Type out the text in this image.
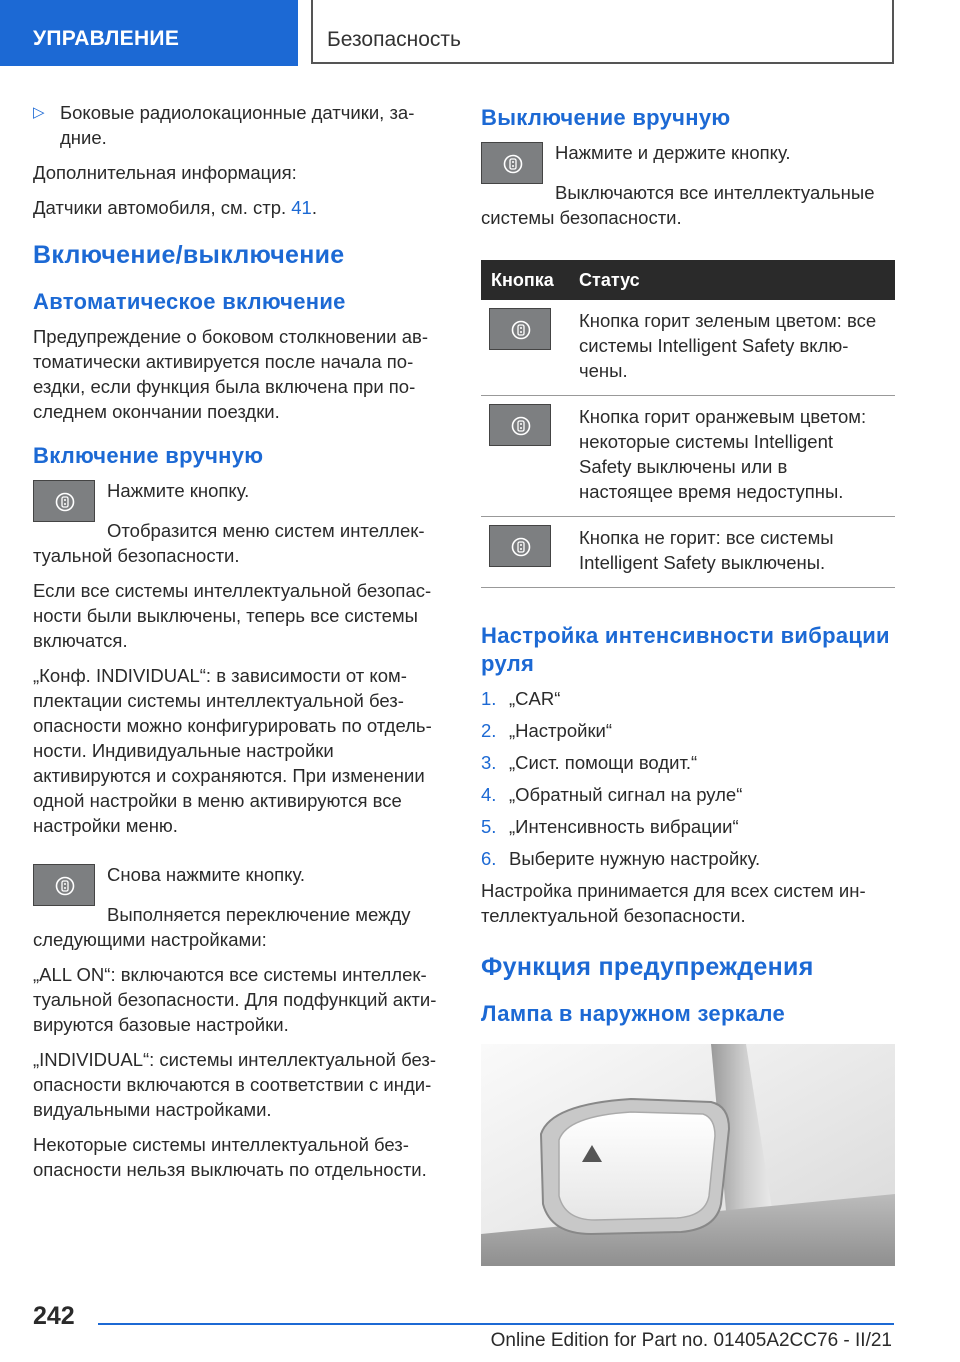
УПРАВЛЕНИЕ	Безопасность

▷ Боковые радиолокационные датчики, за- дние.

Дополнительная информация:

Датчики автомобиля, см. стр. 41.

Включение/выключение
Автоматическое включение

Предупреждение о боковом столкновении ав- томатически активируется после начала по- ездки, если функция была включена при по- следнем окончании поездки.

Включение вручную

Нажмите кнопку.

Отобразится меню систем интеллек- туальной безопасности.

Если все системы интеллектуальной безопас- ности были выключены, теперь все системы включатся.

„Конф. INDIVIDUAL“: в зависимости от ком- плектации системы интеллектуальной без- опасности можно конфигурировать по отдель- ности. Индивидуальные настройки активируются и сохраняются. При изменении одной настройки в меню активируются все настройки меню.

Снова нажмите кнопку.

Выполняется переключение между следующими настройками:

„ALL ON“: включаются все системы интеллек- туальной безопасности. Для подфункций акти- вируются базовые настройки.

„INDIVIDUAL“: системы интеллектуальной без- опасности включаются в соответствии с инди- видуальными настройками.

Некоторые системы интеллектуальной без- опасности нельзя выключать по отдельности.

Выключение вручную

Нажмите и держите кнопку.

Выключаются все интеллектуальные системы безопасности.

Кнопка	Статус

	Кнопка горит зеленым цветом: все системы Intelligent Safety вклю- чены.

	Кнопка горит оранжевым цветом: некоторые системы Intelligent Safety выключены или в настоящее время недоступны.

	Кнопка не горит: все системы Intelligent Safety выключены.
Настройка интенсивности вибрации руля
1. „CAR“
2. „Настройки“
3. „Сист. помощи водит.“
4. „Обратный сигнал на руле“
5. „Интенсивность вибрации“
6. Выберите нужную настройку.

Настройка принимается для всех систем ин- теллектуальной безопасности.

Функция предупреждения
Лампа в наружном зеркале
242
Online Edition for Part no. 01405A2CC76 - II/21
